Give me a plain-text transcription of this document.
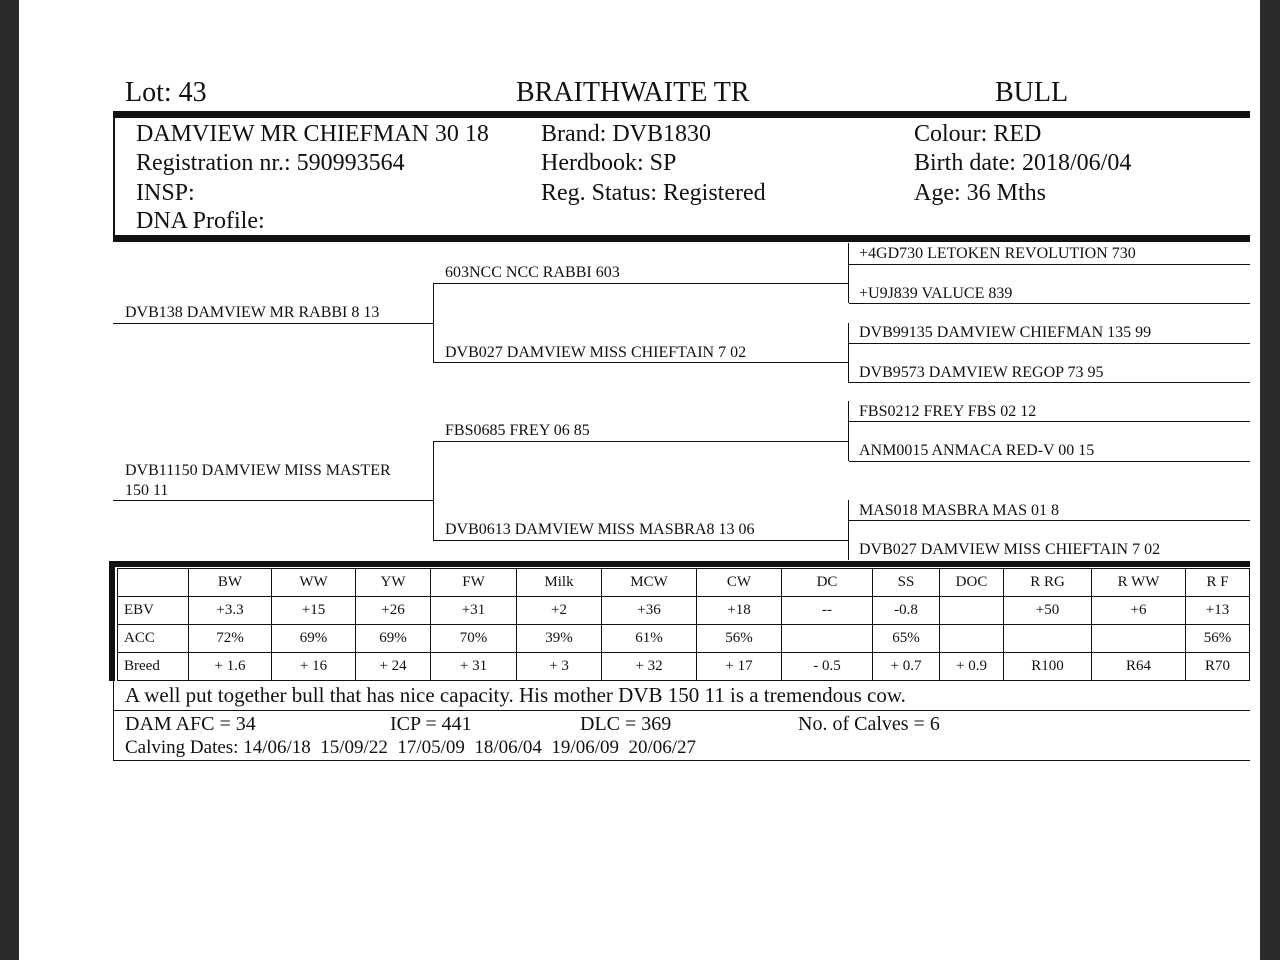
Lot: 43	BRAITHWAITE TR	BULL
DAMVIEW MR CHIEFMAN 30 18
Registration nr.: 590993564
INSP:
DNA Profile:
Brand: DVB1830
Herdbook: SP
Reg. Status: Registered
Colour: RED
Birth date: 2018/06/04
Age: 36 Mths
DVB138 DAMVIEW MR RABBI 8 13
DVB11150 DAMVIEW MISS MASTER
150 11
603NCC NCC RABBI 603
DVB027 DAMVIEW MISS CHIEFTAIN 7 02
FBS0685 FREY 06 85
DVB0613 DAMVIEW MISS MASBRA8 13 06
+4GD730 LETOKEN REVOLUTION 730
+U9J839 VALUCE 839
DVB99135 DAMVIEW CHIEFMAN 135 99
DVB9573 DAMVIEW REGOP 73 95
FBS0212 FREY FBS 02 12
ANM0015 ANMACA RED-V 00 15
MAS018 MASBRA MAS 01 8
DVB027 DAMVIEW MISS CHIEFTAIN 7 02
	BW	WW	YW	FW	Milk	MCW	CW	DC	SS	DOC	R RG	R WW	R F
EBV	+3.3	+15	+26	+31	+2	+36	+18	--	-0.8		+50	+6	+13
ACC	72%	69%	69%	70%	39%	61%	56%		65%				56%
Breed	+ 1.6	+ 16	+ 24	+ 31	+ 3	+ 32	+ 17	- 0.5	+ 0.7	+ 0.9	R100	R64	R70
A well put together bull that has nice capacity. His mother DVB 150 11 is a tremendous cow.
DAM AFC = 34	ICP = 441	DLC = 369	No. of Calves = 6
Calving Dates: 14/06/18  15/09/22  17/05/09  18/06/04  19/06/09  20/06/27
